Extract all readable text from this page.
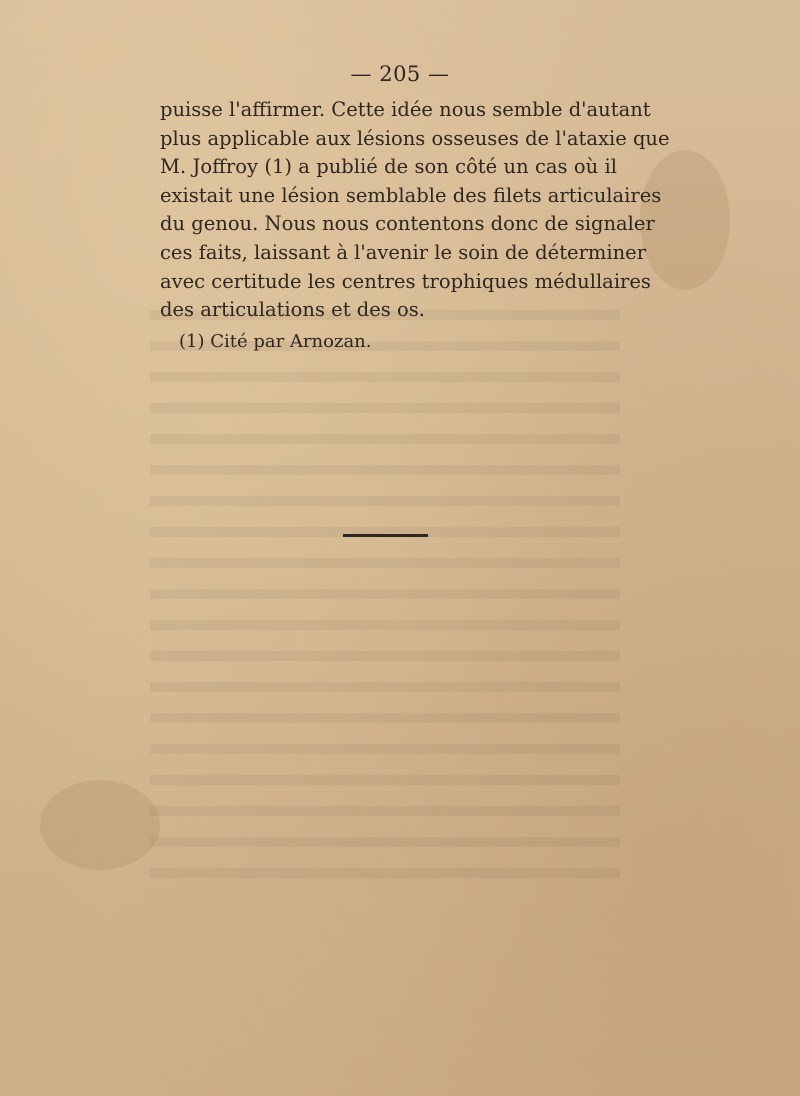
— 205 —

puisse l'affirmer. Cette idée nous semble d'autant
plus applicable aux lésions osseuses de l'ataxie que
M. Joffroy (1) a publié de son côté un cas où il
existait une lésion semblable des filets articulaires
du genou. Nous nous contentons donc de signaler
ces faits, laissant à l'avenir le soin de déterminer
avec certitude les centres trophiques médullaires
des articulations et des os.

(1) Cité par Arnozan.
